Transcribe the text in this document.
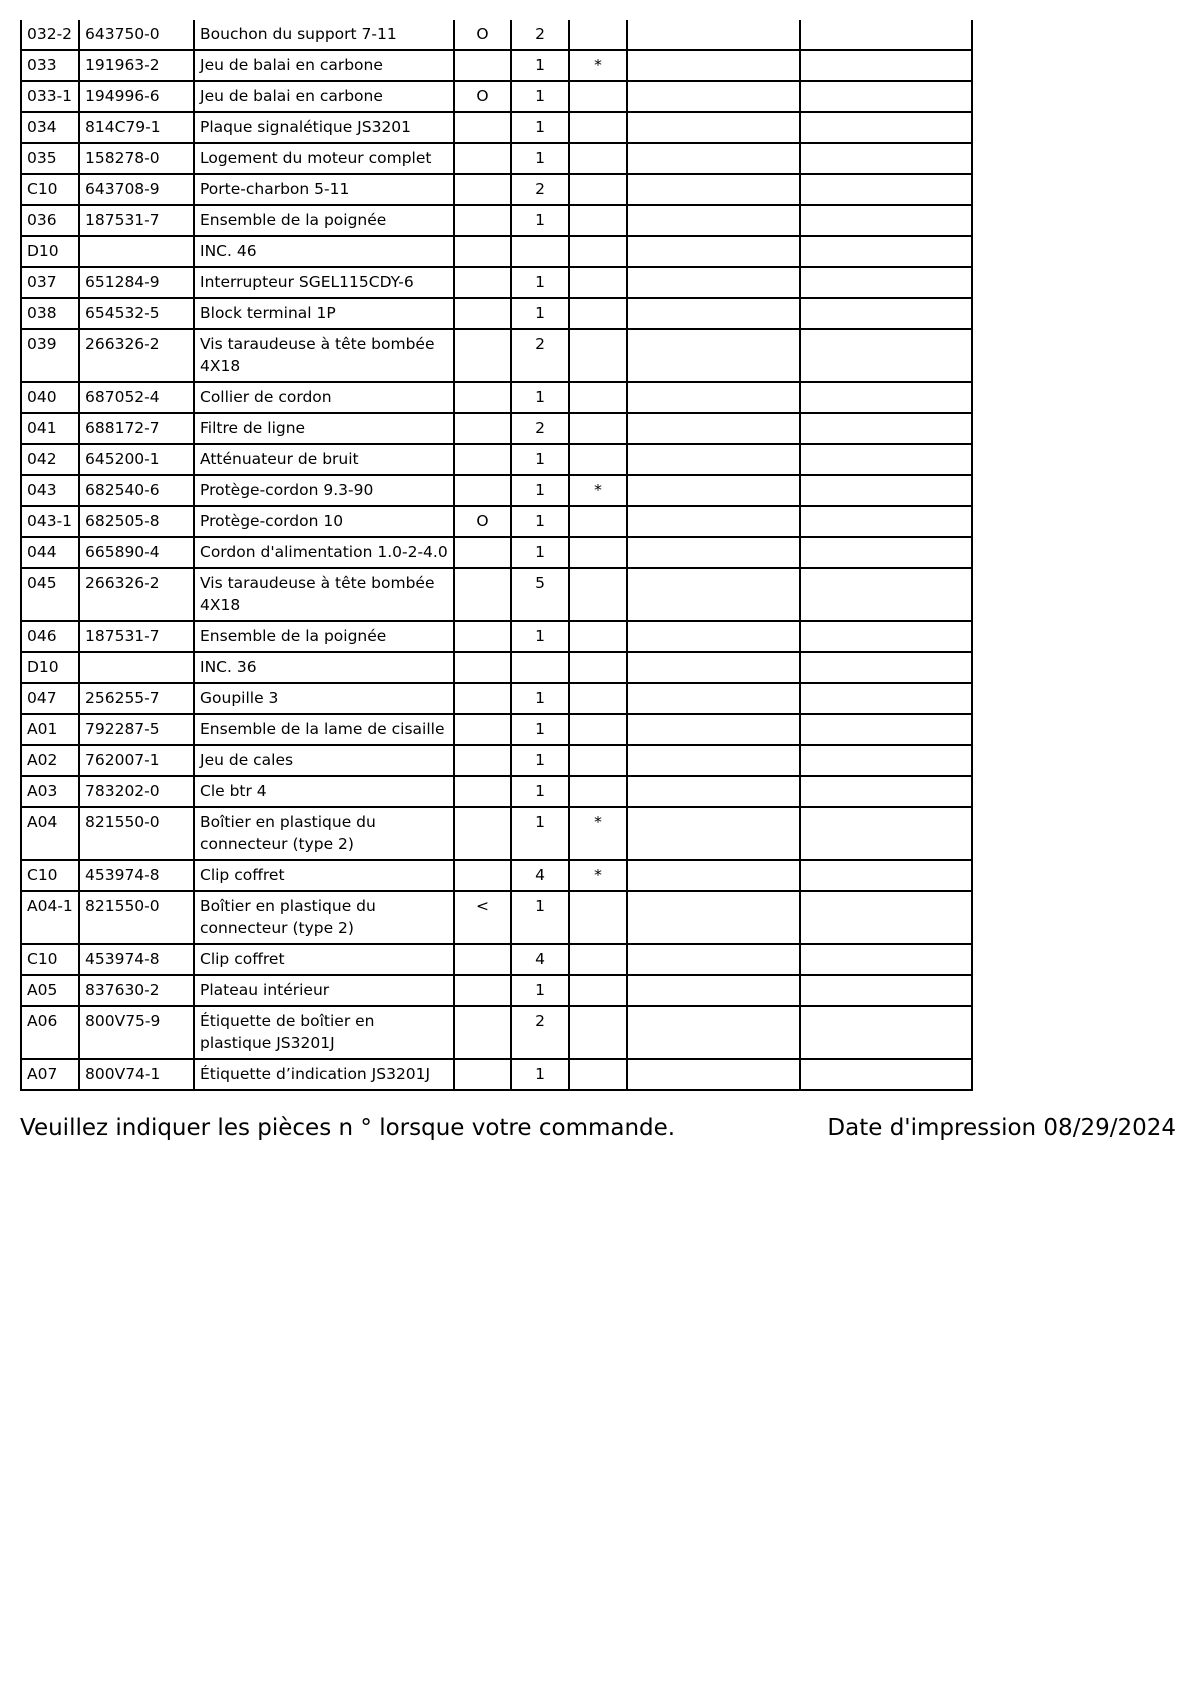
032-2	643750-0	Bouchon du support 7-11	O	2			
033	191963-2	Jeu de balai en carbone		1	*		
033-1	194996-6	Jeu de balai en carbone	O	1			
034	814C79-1	Plaque signalétique JS3201		1			
035	158278-0	Logement du moteur complet		1			
C10	643708-9	Porte-charbon 5-11		2			
036	187531-7	Ensemble de la poignée		1			
D10		INC. 46					
037	651284-9	Interrupteur SGEL115CDY-6		1			
038	654532-5	Block terminal 1P		1			
039	266326-2	Vis taraudeuse à tête bombée 4X18		2			
040	687052-4	Collier de cordon		1			
041	688172-7	Filtre de ligne		2			
042	645200-1	Atténuateur de bruit		1			
043	682540-6	Protège-cordon 9.3-90		1	*		
043-1	682505-8	Protège-cordon 10	O	1			
044	665890-4	Cordon d'alimentation 1.0-2-4.0		1			
045	266326-2	Vis taraudeuse à tête bombée 4X18		5			
046	187531-7	Ensemble de la poignée		1			
D10		INC. 36					
047	256255-7	Goupille 3		1			
A01	792287-5	Ensemble de la lame de cisaille		1			
A02	762007-1	Jeu de cales		1			
A03	783202-0	Cle btr 4		1			
A04	821550-0	Boîtier en plastique du connecteur (type 2)		1	*		
C10	453974-8	Clip coffret		4	*		
A04-1	821550-0	Boîtier en plastique du connecteur (type 2)	<	1			
C10	453974-8	Clip coffret		4			
A05	837630-2	Plateau intérieur		1			
A06	800V75-9	Étiquette de boîtier en plastique JS3201J		2			
A07	800V74-1	Étiquette d’indication JS3201J		1			
Veuillez indiquer les pièces n ° lorsque votre commande.	Date d'impression 08/29/2024
